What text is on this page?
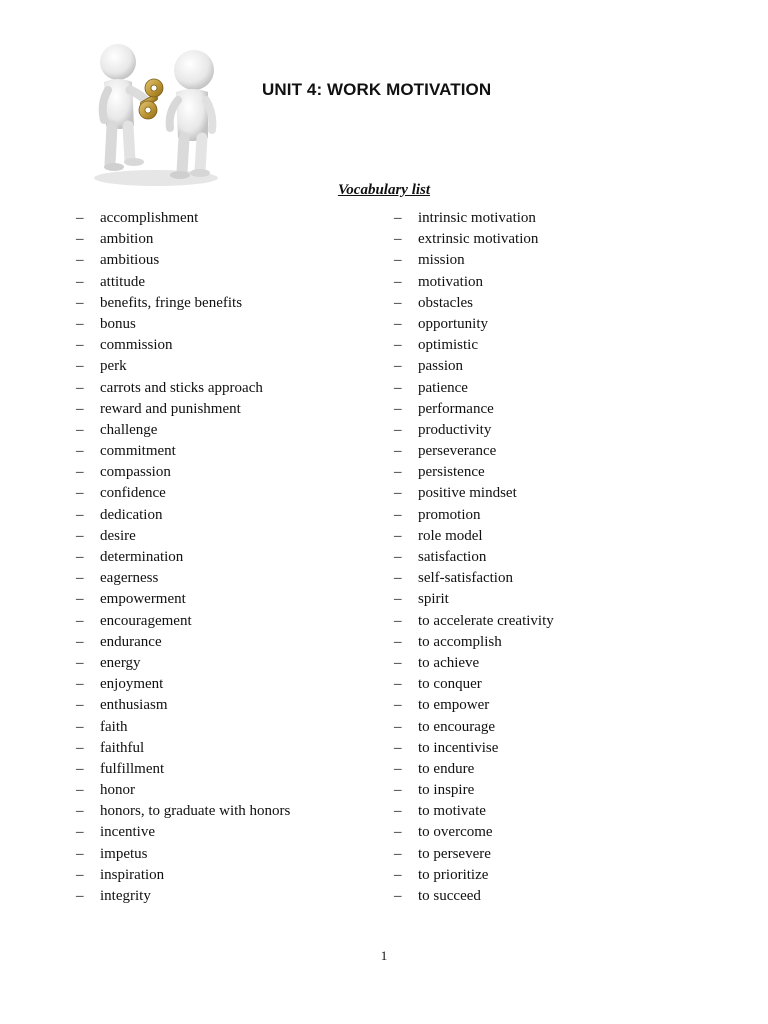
UNIT 4: WORK MOTIVATION
Vocabulary list
–	accomplishment
–	ambition
–	ambitious
–	attitude
–	benefits, fringe benefits
–	bonus
–	commission
–	perk
–	carrots and sticks approach
–	reward and punishment
–	challenge
–	commitment
–	compassion
–	confidence
–	dedication
–	desire
–	determination
–	eagerness
–	empowerment
–	encouragement
–	endurance
–	energy
–	enjoyment
–	enthusiasm
–	faith
–	faithful
–	fulfillment
–	honor
–	honors, to graduate with honors
–	incentive
–	impetus
–	inspiration
–	integrity
–	intrinsic motivation
–	extrinsic motivation
–	mission
–	motivation
–	obstacles
–	opportunity
–	optimistic
–	passion
–	patience
–	performance
–	productivity
–	perseverance
–	persistence
–	positive mindset
–	promotion
–	role model
–	satisfaction
–	self-satisfaction
–	spirit
–	to accelerate creativity
–	to accomplish
–	to achieve
–	to conquer
–	to empower
–	to encourage
–	to incentivise
–	to endure
–	to inspire
–	to motivate
–	to overcome
–	to persevere
–	to prioritize
–	to succeed
1
